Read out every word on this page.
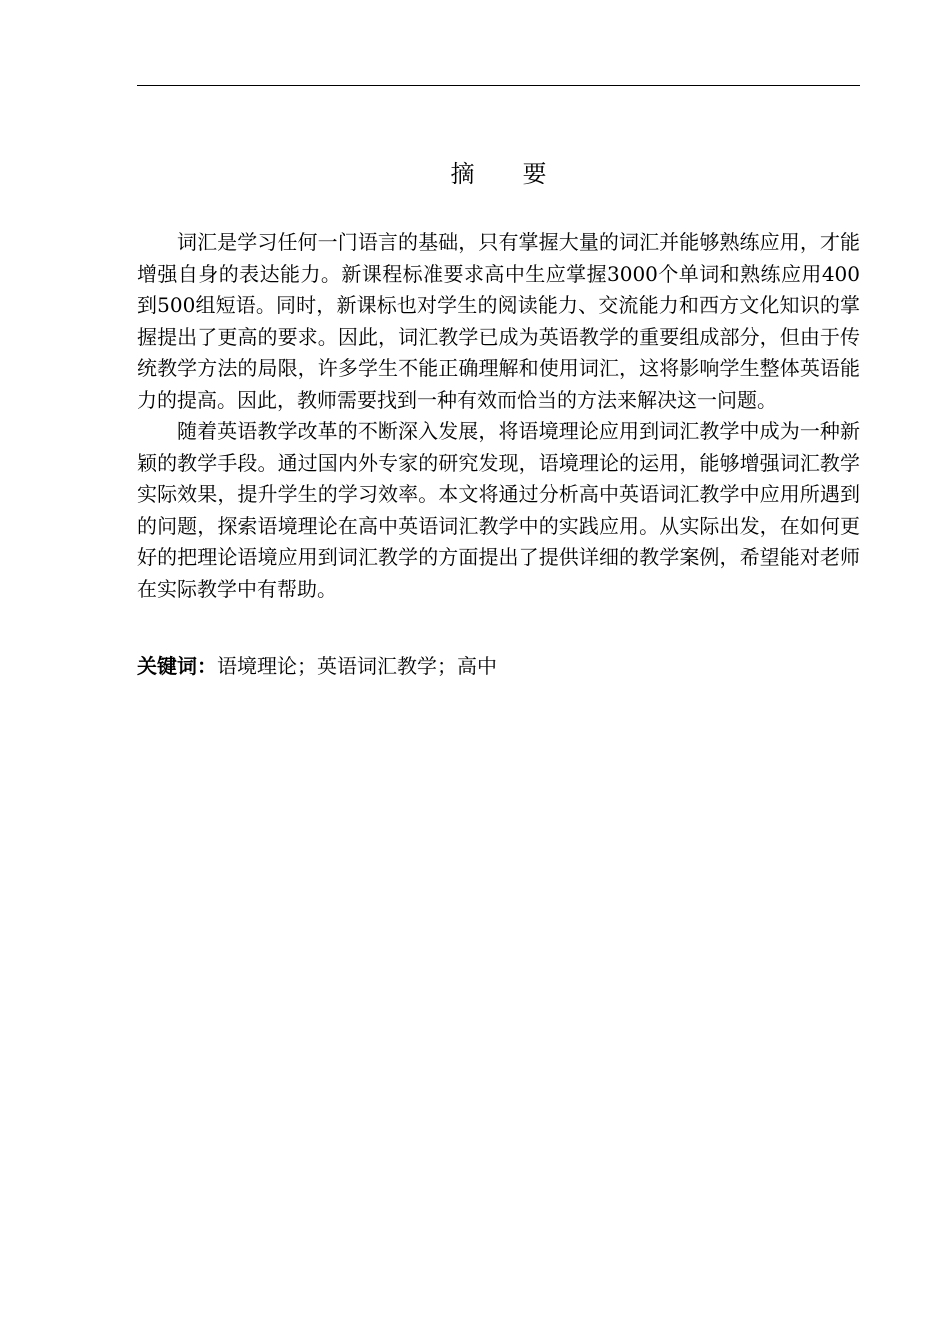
摘　　要

词汇是学习任何一门语言的基础，只有掌握大量的词汇并能够熟练应用，才能增强自身的表达能力。新课程标准要求高中生应掌握3000个单词和熟练应用400到500组短语。同时，新课标也对学生的阅读能力、交流能力和西方文化知识的掌握提出了更高的要求。因此，词汇教学已成为英语教学的重要组成部分，但由于传统教学方法的局限，许多学生不能正确理解和使用词汇，这将影响学生整体英语能力的提高。因此，教师需要找到一种有效而恰当的方法来解决这一问题。

随着英语教学改革的不断深入发展，将语境理论应用到词汇教学中成为一种新颖的教学手段。通过国内外专家的研究发现，语境理论的运用，能够增强词汇教学实际效果，提升学生的学习效率。本文将通过分析高中英语词汇教学中应用所遇到的问题，探索语境理论在高中英语词汇教学中的实践应用。从实际出发，在如何更好的把理论语境应用到词汇教学的方面提出了提供详细的教学案例，希望能对老师在实际教学中有帮助。

关键词：语境理论；英语词汇教学；高中
